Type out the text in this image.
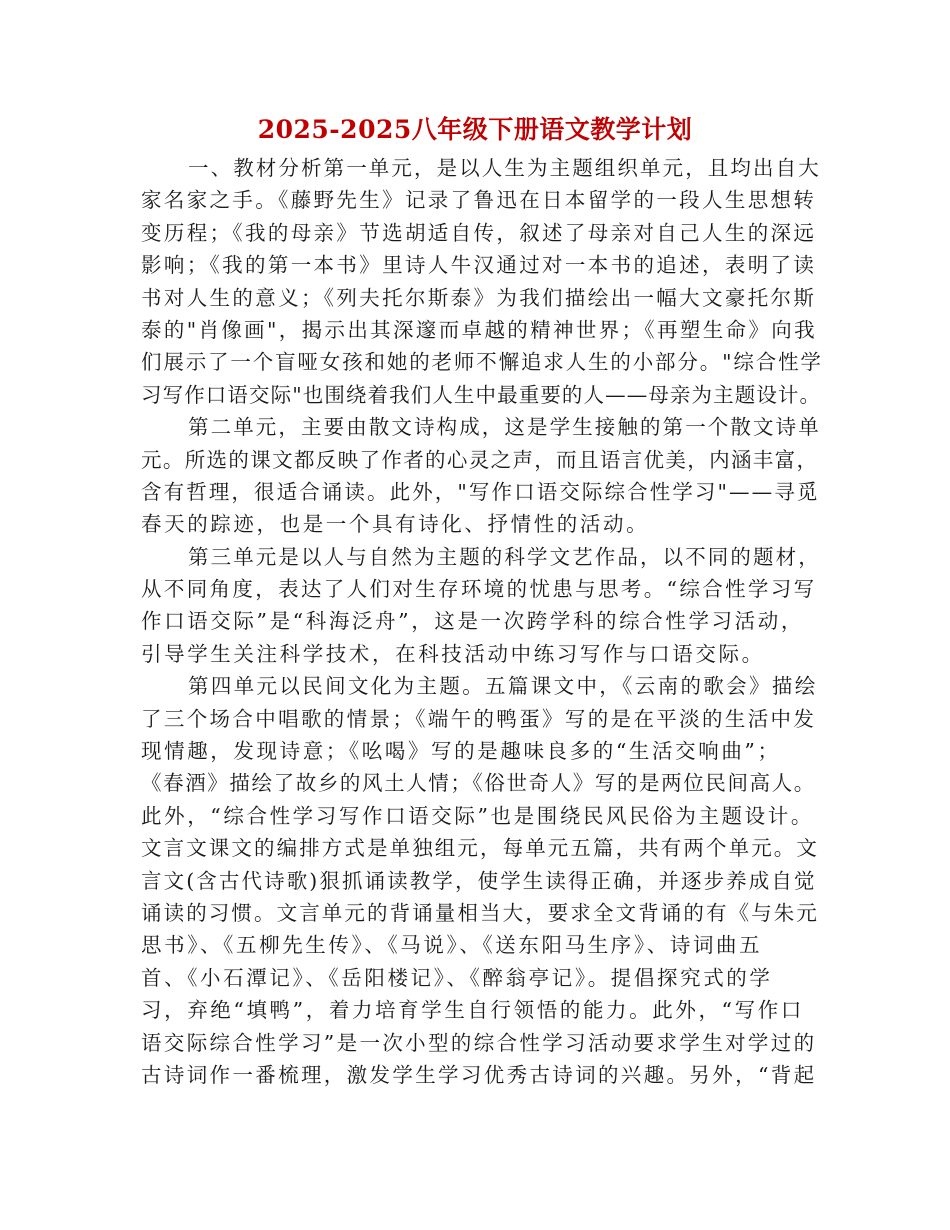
2025-2025八年级下册语文教学计划
一、教材分析第一单元，是以人生为主题组织单元，且均出自大
家名家之手。《藤野先生》记录了鲁迅在日本留学的一段人生思想转
变历程；《我的母亲》节选胡适自传，叙述了母亲对自己人生的深远
影响；《我的第一本书》里诗人牛汉通过对一本书的追述，表明了读
书对人生的意义；《列夫托尔斯泰》为我们描绘出一幅大文豪托尔斯
泰的"肖像画"，揭示出其深邃而卓越的精神世界；《再塑生命》向我
们展示了一个盲哑女孩和她的老师不懈追求人生的小部分。"综合性学
习写作口语交际"也围绕着我们人生中最重要的人——母亲为主题设计。
第二单元，主要由散文诗构成，这是学生接触的第一个散文诗单
元。所选的课文都反映了作者的心灵之声，而且语言优美，内涵丰富，
含有哲理，很适合诵读。此外，"写作口语交际综合性学习"——寻觅
春天的踪迹，也是一个具有诗化、抒情性的活动。
第三单元是以人与自然为主题的科学文艺作品，以不同的题材，
从不同角度，表达了人们对生存环境的忧患与思考。“综合性学习写
作口语交际”是“科海泛舟”，这是一次跨学科的综合性学习活动，
引导学生关注科学技术，在科技活动中练习写作与口语交际。
第四单元以民间文化为主题。五篇课文中，《云南的歌会》描绘
了三个场合中唱歌的情景；《端午的鸭蛋》写的是在平淡的生活中发
现情趣，发现诗意；《吆喝》写的是趣味良多的“生活交响曲”；
《春酒》描绘了故乡的风土人情；《俗世奇人》写的是两位民间高人。
此外，“综合性学习写作口语交际”也是围绕民风民俗为主题设计。
文言文课文的编排方式是单独组元，每单元五篇，共有两个单元。文
言文(含古代诗歌)狠抓诵读教学，使学生读得正确，并逐步养成自觉
诵读的习惯。文言单元的背诵量相当大，要求全文背诵的有《与朱元
思书》、《五柳先生传》、《马说》、《送东阳马生序》、诗词曲五
首、《小石潭记》、《岳阳楼记》、《醉翁亭记》。提倡探究式的学
习，弃绝“填鸭”，着力培育学生自行领悟的能力。此外，“写作口
语交际综合性学习”是一次小型的综合性学习活动要求学生对学过的
古诗词作一番梳理，激发学生学习优秀古诗词的兴趣。另外，“背起
